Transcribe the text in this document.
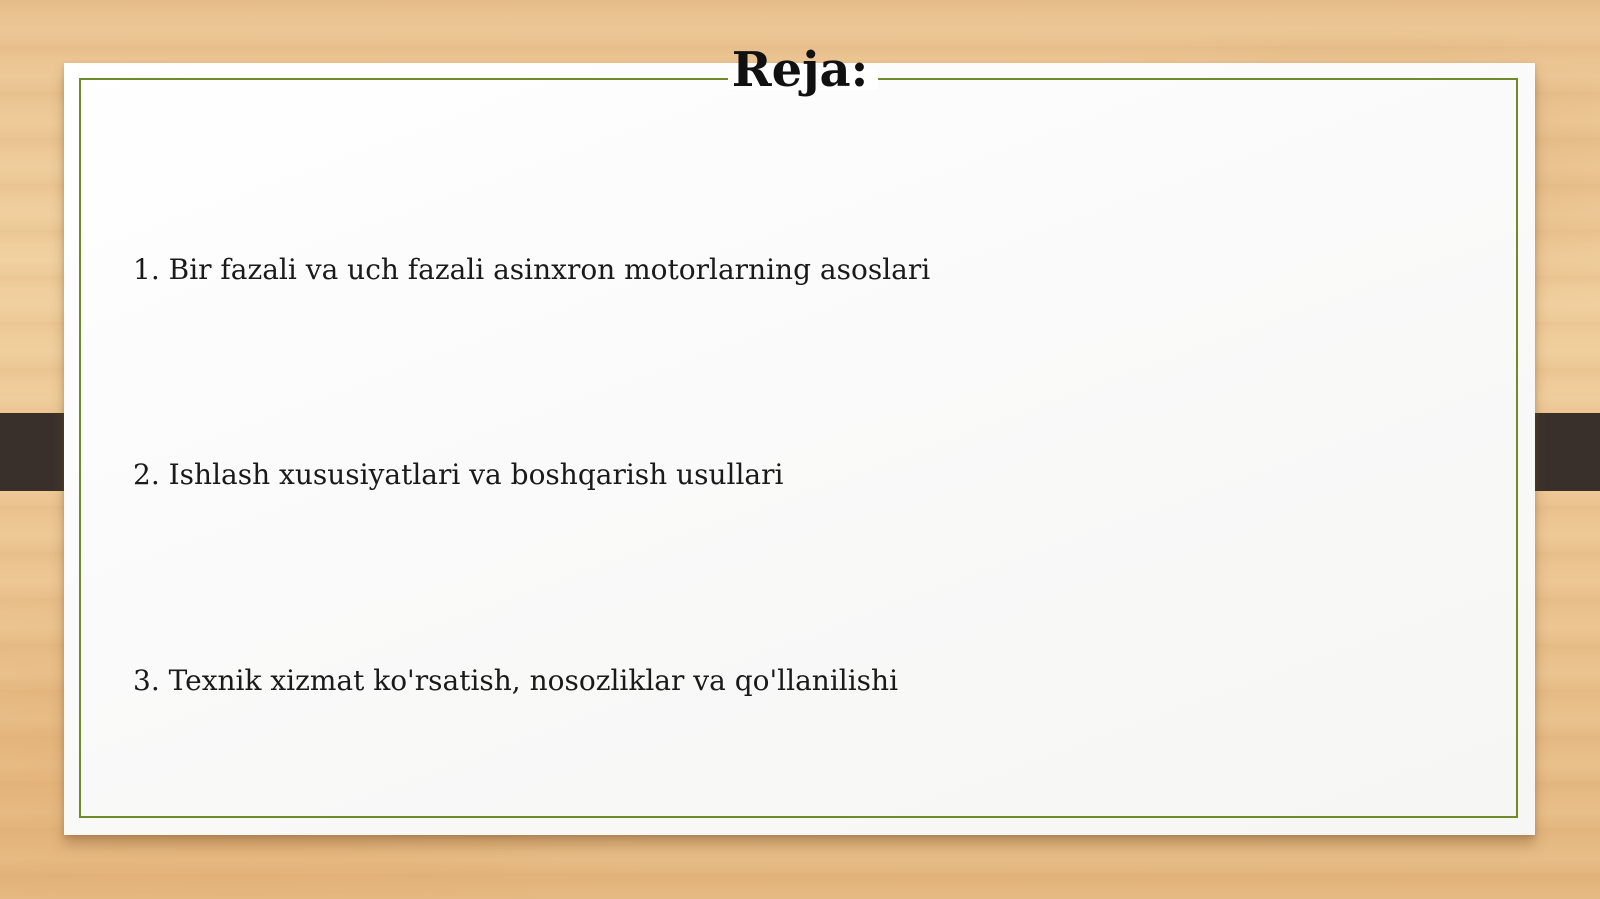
Reja:
1. Bir fazali va uch fazali asinxron motorlarning asoslari
2. Ishlash xususiyatlari va boshqarish usullari
3. Texnik xizmat ko'rsatish, nosozliklar va qo'llanilishi
